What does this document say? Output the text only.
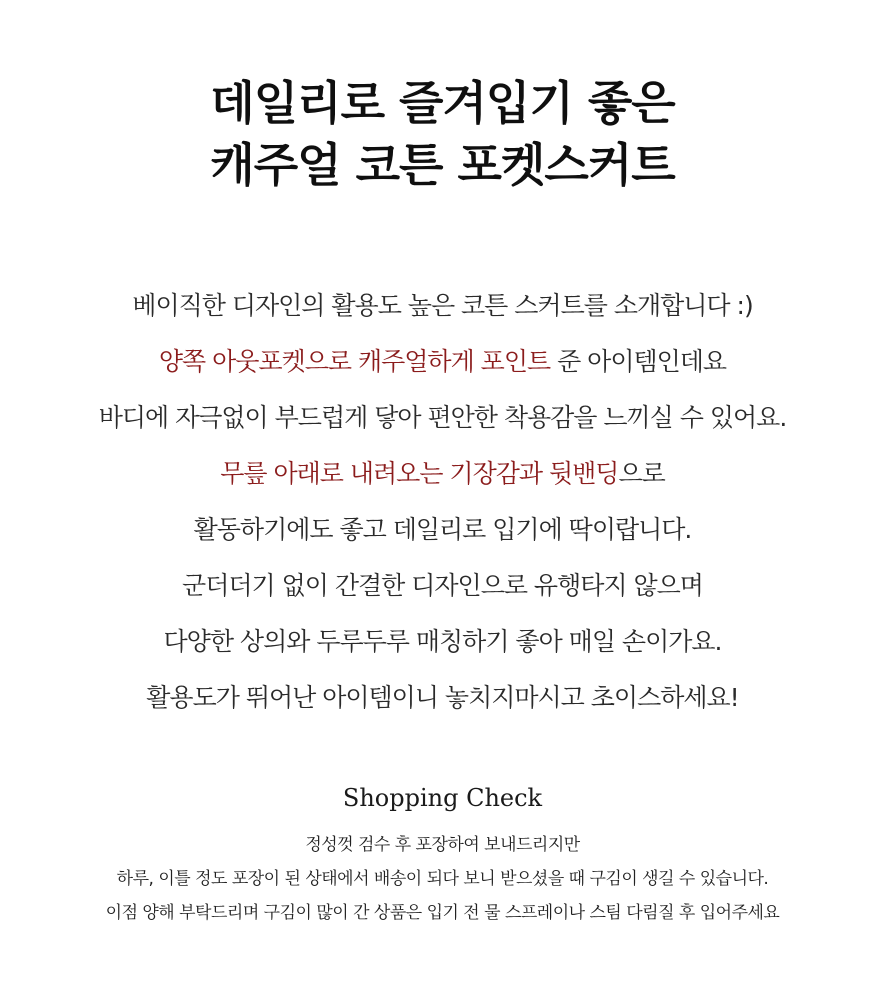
데일리로 즐겨입기 좋은
캐주얼 코튼 포켓스커트
베이직한 디자인의 활용도 높은 코튼 스커트를 소개합니다 :)
양쪽 아웃포켓으로 캐주얼하게 포인트 준 아이템인데요
바디에 자극없이 부드럽게 닿아 편안한 착용감을 느끼실 수 있어요.
무릎 아래로 내려오는 기장감과 뒷밴딩으로
활동하기에도 좋고 데일리로 입기에 딱이랍니다.
군더더기 없이 간결한 디자인으로 유행타지 않으며
다양한 상의와 두루두루 매칭하기 좋아 매일 손이가요.
활용도가 뛰어난 아이템이니 놓치지마시고 초이스하세요!
Shopping Check
정성껏 검수 후 포장하여 보내드리지만
하루, 이틀 정도 포장이 된 상태에서 배송이 되다 보니 받으셨을 때 구김이 생길 수 있습니다.
이점 양해 부탁드리며 구김이 많이 간 상품은 입기 전 물 스프레이나 스팀 다림질 후 입어주세요
